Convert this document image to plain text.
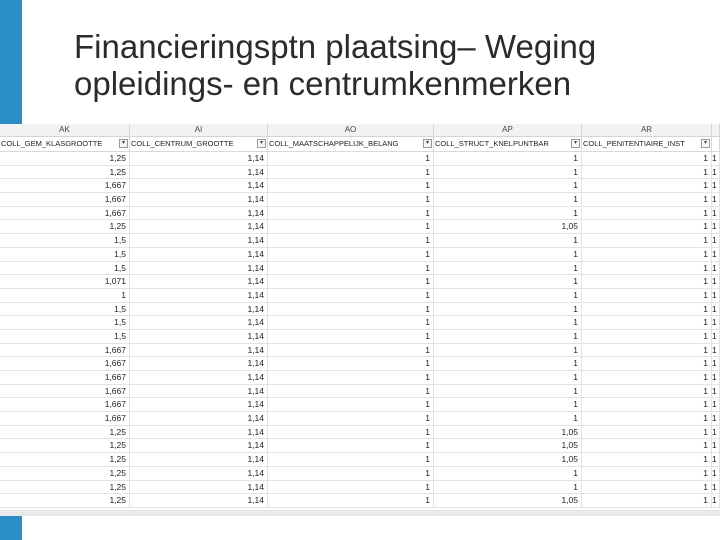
Financieringsptn plaatsing– Weging
opleidings- en centrumkenmerken
AK	AI	AO	AP	AR
COLL_GEM_KLASGROOTTE	▾ COLL_CENTRUM_GROOTTE	▾ COLL_MAATSCHAPPELIJK_BELANG	▾ COLL_STRUCT_KNELPUNTBAR	▾ COLL_PENITENTIAIRE_INST	▾
1,25	1,14	1	1	1 1
1,25	1,14	1	1	1 1
1,667	1,14	1	1	1 1
1,667	1,14	1	1	1 1
1,667	1,14	1	1	1 1
1,25	1,14	1	1,05	1 1
1,5	1,14	1	1	1 1
1,5	1,14	1	1	1 1
1,5	1,14	1	1	1 1
1,071	1,14	1	1	1 1
1	1,14	1	1	1 1
1,5	1,14	1	1	1 1
1,5	1,14	1	1	1 1
1,5	1,14	1	1	1 1
1,667	1,14	1	1	1 1
1,667	1,14	1	1	1 1
1,667	1,14	1	1	1 1
1,667	1,14	1	1	1 1
1,667	1,14	1	1	1 1
1,667	1,14	1	1	1 1
1,25	1,14	1	1,05	1 1
1,25	1,14	1	1,05	1 1
1,25	1,14	1	1,05	1 1
1,25	1,14	1	1	1 1
1,25	1,14	1	1	1 1
1,25	1,14	1	1,05	1 1
